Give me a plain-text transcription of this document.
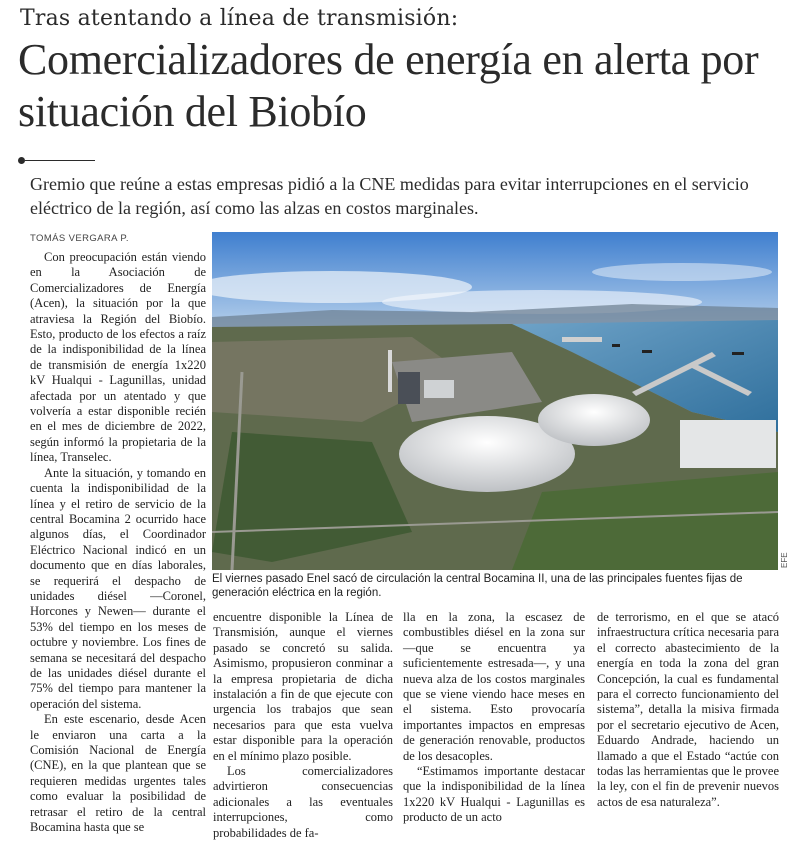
Tras atentando a línea de transmisión:
Comercializadores de energía en alerta por situación del Biobío
Gremio que reúne a estas empresas pidió a la CNE medidas para evitar interrupciones en el servicio eléctrico de la región, así como las alzas en costos marginales.
TOMÁS VERGARA P.

Con preocupación están viendo en la Asociación de Comercializadores de Energía (Acen), la situación por la que atraviesa la Región del Biobío. Esto, producto de los efectos a raíz de la indisponibilidad de la línea de transmisión de energía 1x220 kV Hualqui - Lagunillas, unidad afectada por un atentado y que volvería a estar disponible recién en el mes de diciembre de 2022, según informó la propietaria de la línea, Transelec.

Ante la situación, y tomando en cuenta la indisponibilidad de la línea y el retiro de servicio de la central Bocamina 2 ocurrido hace algunos días, el Coordinador Eléctrico Nacional indicó en un documento que en días laborales, se requerirá el despacho de unidades diésel —Coronel, Horcones y Newen— durante el 53% del tiempo en los meses de octubre y noviembre. Los fines de semana se necesitará del despacho de las unidades diésel durante el 75% del tiempo para mantener la operación del sistema.

En este escenario, desde Acen le enviaron una carta a la Comisión Nacional de Energía (CNE), en la que plantean que se requieren medidas urgentes tales como evaluar la posibilidad de retrasar el retiro de la central Bocamina hasta que se

EFE
El viernes pasado Enel sacó de circulación la central Bocamina II, una de las principales fuentes fijas de generación eléctrica en la región.

encuentre disponible la Línea de Transmisión, aunque el viernes pasado se concretó su salida. Asimismo, propusieron conminar a la empresa propietaria de dicha instalación a fin de que ejecute con urgencia los trabajos que sean necesarios para que esta vuelva estar disponible para la operación en el mínimo plazo posible.

Los comercializadores advirtieron consecuencias adicionales a las eventuales interrupciones, como probabilidades de fa-

lla en la zona, la escasez de combustibles diésel en la zona sur —que se encuentra ya suficientemente estresada—, y una nueva alza de los costos marginales que se viene viendo hace meses en el sistema. Esto provocaría importantes impactos en empresas de generación renovable, productos de los desacoples.

“Estimamos importante destacar que la indisponibilidad de la línea 1x220 kV Hualqui - Lagunillas es producto de un acto

de terrorismo, en el que se atacó infraestructura crítica necesaria para el correcto abastecimiento de la energía en toda la zona del gran Concepción, la cual es fundamental para el correcto funcionamiento del sistema”, detalla la misiva firmada por el secretario ejecutivo de Acen, Eduardo Andrade, haciendo un llamado a que el Estado “actúe con todas las herramientas que le provee la ley, con el fin de prevenir nuevos actos de esa naturaleza”.
